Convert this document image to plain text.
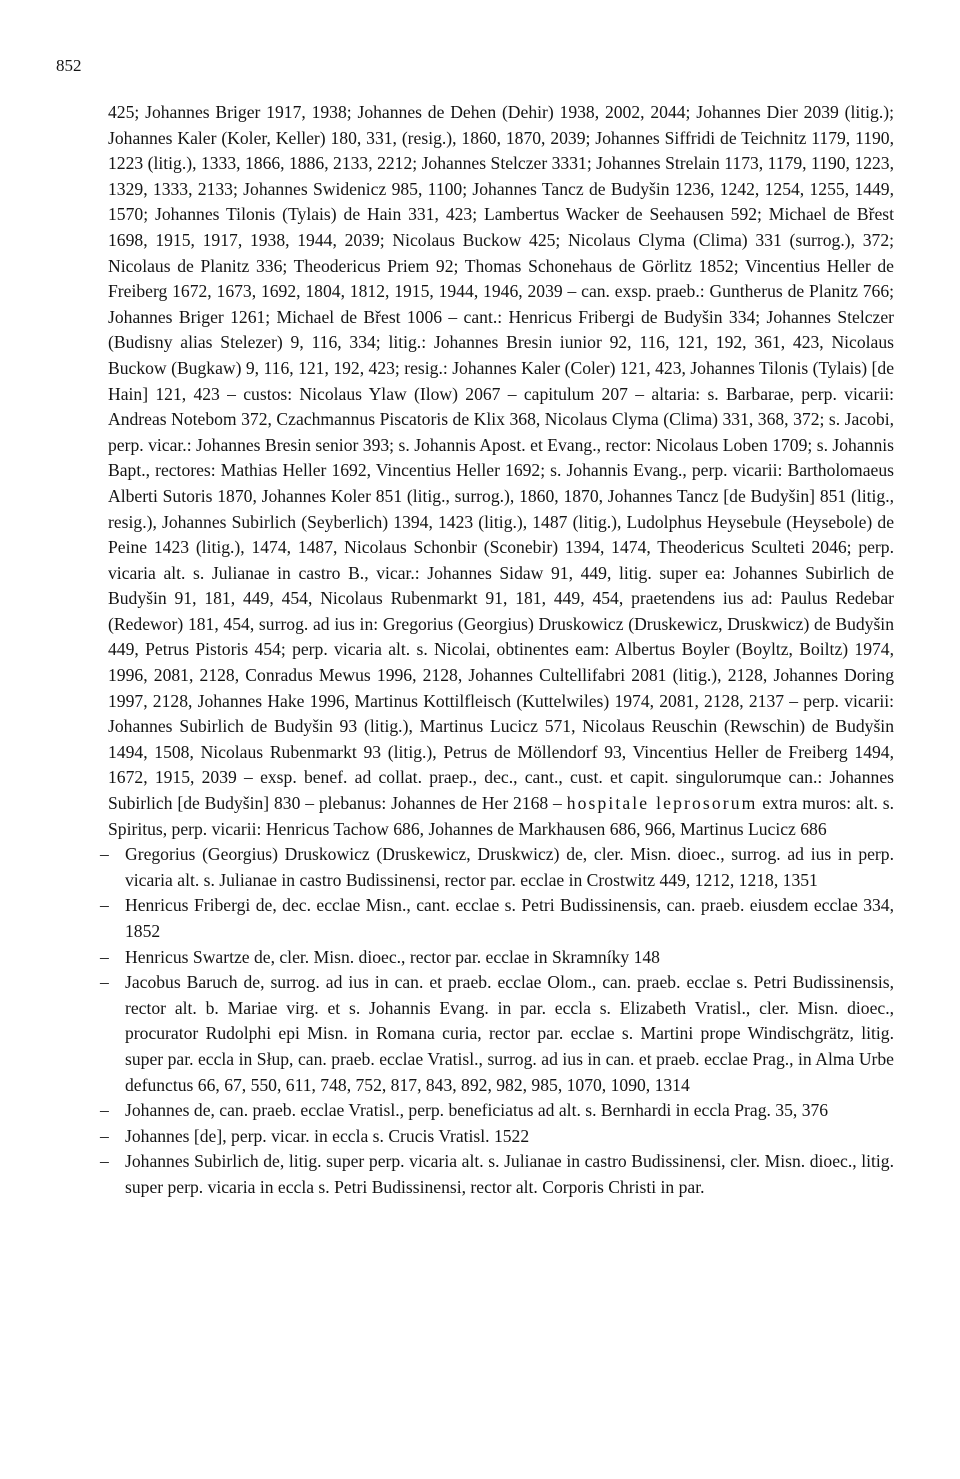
852

425; Johannes Briger 1917, 1938; Johannes de Dehen (Dehir) 1938, 2002, 2044; Johannes Dier 2039 (litig.); Johannes Kaler (Koler, Keller) 180, 331, (resig.), 1860, 1870, 2039; Johannes Siffridi de Teichnitz 1179, 1190, 1223 (litig.), 1333, 1866, 1886, 2133, 2212; Johannes Stelczer 3331; Johannes Strelain 1173, 1179, 1190, 1223, 1329, 1333, 2133; Johannes Swidenicz 985, 1100; Johannes Tancz de Budyšin 1236, 1242, 1254, 1255, 1449, 1570; Johannes Tilonis (Tylais) de Hain 331, 423; Lambertus Wacker de Seehausen 592; Michael de Břest 1698, 1915, 1917, 1938, 1944, 2039; Nicolaus Buckow 425; Nicolaus Clyma (Clima) 331 (surrog.), 372; Nicolaus de Planitz 336; Theodericus Priem 92; Thomas Schonehaus de Görlitz 1852; Vincentius Heller de Freiberg 1672, 1673, 1692, 1804, 1812, 1915, 1944, 1946, 2039 – can. exsp. praeb.: Guntherus de Planitz 766; Johannes Briger 1261; Michael de Břest 1006 – cant.: Henricus Fribergi de Budyšin 334; Johannes Stelczer (Budisny alias Stelezer) 9, 116, 334; litig.: Johannes Bresin iunior 92, 116, 121, 192, 361, 423, Nicolaus Buckow (Bugkaw) 9, 116, 121, 192, 423; resig.: Johannes Kaler (Coler) 121, 423, Johannes Tilonis (Tylais) [de Hain] 121, 423 – custos: Nicolaus Ylaw (Ilow) 2067 – capitulum 207 – altaria: s. Barbarae, perp. vicarii: Andreas Notebom 372, Czachmannus Piscatoris de Klix 368, Nicolaus Clyma (Clima) 331, 368, 372; s. Jacobi, perp. vicar.: Johannes Bresin senior 393; s. Johannis Apost. et Evang., rector: Nicolaus Loben 1709; s. Johannis Bapt., rectores: Mathias Heller 1692, Vincentius Heller 1692; s. Johannis Evang., perp. vicarii: Bartholomaeus Alberti Sutoris 1870, Johannes Koler 851 (litig., surrog.), 1860, 1870, Johannes Tancz [de Budyšin] 851 (litig., resig.), Johannes Subirlich (Seyberlich) 1394, 1423 (litig.), 1487 (litig.), Ludolphus Heysebule (Heysebole) de Peine 1423 (litig.), 1474, 1487, Nicolaus Schonbir (Sconebir) 1394, 1474, Theodericus Sculteti 2046; perp. vicaria alt. s. Julianae in castro B., vicar.: Johannes Sidaw 91, 449, litig. super ea: Johannes Subirlich de Budyšin 91, 181, 449, 454, Nicolaus Rubenmarkt 91, 181, 449, 454, praetendens ius ad: Paulus Redebar (Redewor) 181, 454, surrog. ad ius in: Gregorius (Georgius) Druskowicz (Druskewicz, Druskwicz) de Budyšin 449, Petrus Pistoris 454; perp. vicaria alt. s. Nicolai, obtinentes eam: Albertus Boyler (Boyltz, Boiltz) 1974, 1996, 2081, 2128, Conradus Mewus 1996, 2128, Johannes Cultellifabri 2081 (litig.), 2128, Johannes Doring 1997, 2128, Johannes Hake 1996, Martinus Kottilfleisch (Kuttelwiles) 1974, 2081, 2128, 2137 – perp. vicarii: Johannes Subirlich de Budyšin 93 (litig.), Martinus Lucicz 571, Nicolaus Reuschin (Rewschin) de Budyšin 1494, 1508, Nicolaus Rubenmarkt 93 (litig.), Petrus de Möllendorf 93, Vincentius Heller de Freiberg 1494, 1672, 1915, 2039 – exsp. benef. ad collat. praep., dec., cant., cust. et capit. singulorumque can.: Johannes Subirlich [de Budyšin] 830 – plebanus: Johannes de Her 2168 – hospitale leprosorum extra muros: alt. s. Spiritus, perp. vicarii: Henricus Tachow 686, Johannes de Markhausen 686, 966, Martinus Lucicz 686

– Gregorius (Georgius) Druskowicz (Druskewicz, Druskwicz) de, cler. Misn. dioec., surrog. ad ius in perp. vicaria alt. s. Julianae in castro Budissinensi, rector par. ecclae in Crostwitz 449, 1212, 1218, 1351
– Henricus Fribergi de, dec. ecclae Misn., cant. ecclae s. Petri Budissinensis, can. praeb. eiusdem ecclae 334, 1852
– Henricus Swartze de, cler. Misn. dioec., rector par. ecclae in Skramníky 148
– Jacobus Baruch de, surrog. ad ius in can. et praeb. ecclae Olom., can. praeb. ecclae s. Petri Budissinensis, rector alt. b. Mariae virg. et s. Johannis Evang. in par. eccla s. Elizabeth Vratisl., cler. Misn. dioec., procurator Rudolphi epi Misn. in Romana curia, rector par. ecclae s. Martini prope Windischgrätz, litig. super par. eccla in Słup, can. praeb. ecclae Vratisl., surrog. ad ius in can. et praeb. ecclae Prag., in Alma Urbe defunctus 66, 67, 550, 611, 748, 752, 817, 843, 892, 982, 985, 1070, 1090, 1314
– Johannes de, can. praeb. ecclae Vratisl., perp. beneficiatus ad alt. s. Bernhardi in eccla Prag. 35, 376
– Johannes [de], perp. vicar. in eccla s. Crucis Vratisl. 1522
– Johannes Subirlich de, litig. super perp. vicaria alt. s. Julianae in castro Budissinensi, cler. Misn. dioec., litig. super perp. vicaria in eccla s. Petri Budissinensi, rector alt. Corporis Christi in par.
